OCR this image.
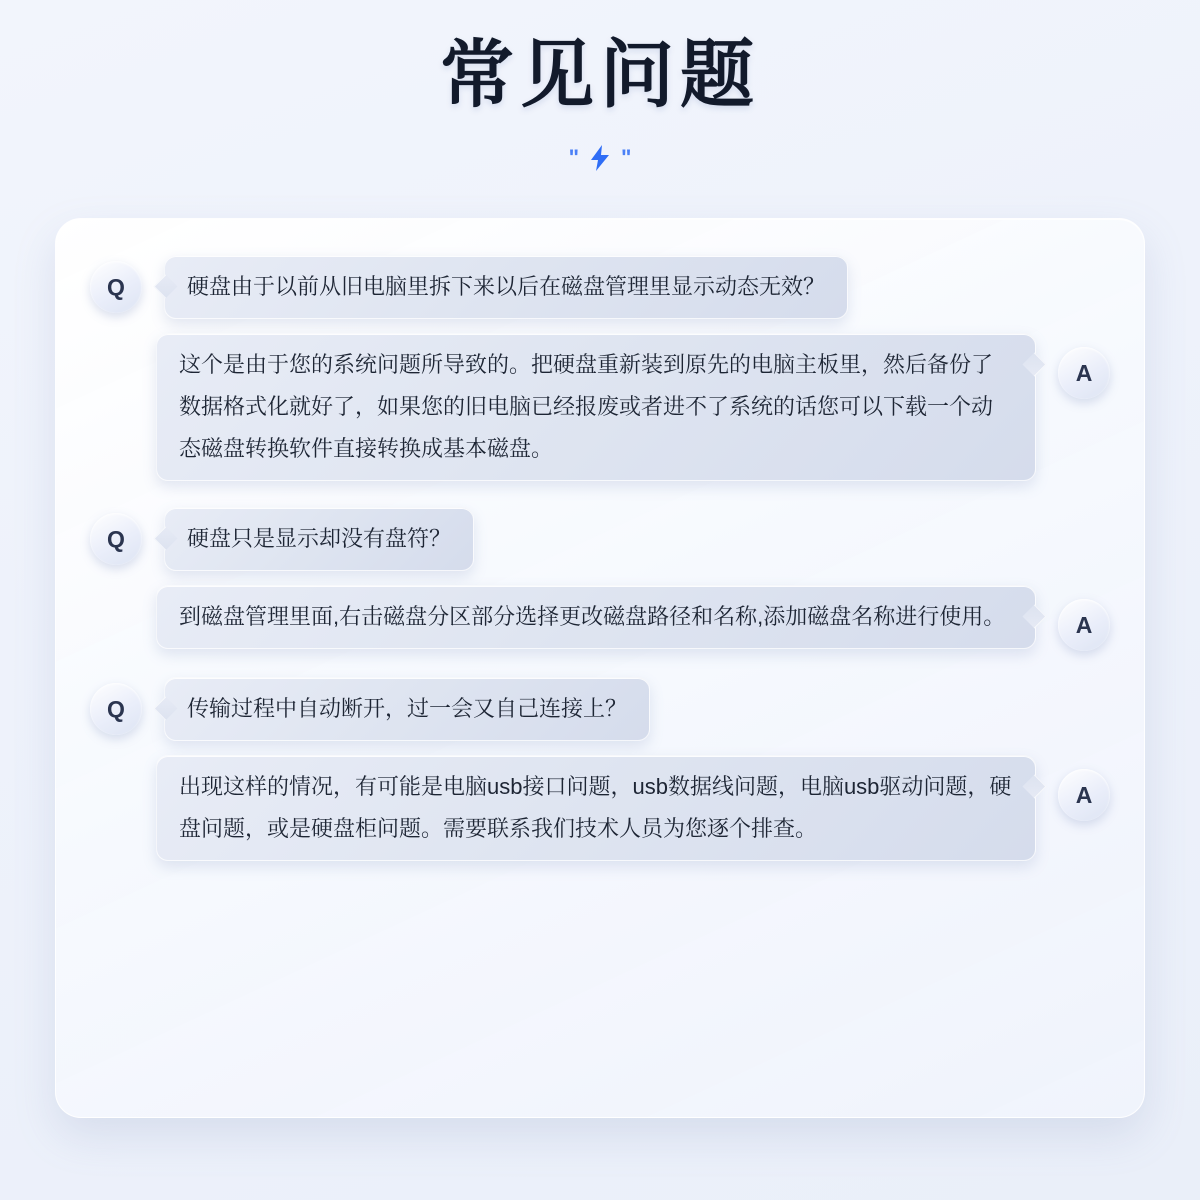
常见问题
" "
Q	硬盘由于以前从旧电脑里拆下来以后在磁盘管理里显示动态无效？
这个是由于您的系统问题所导致的。把硬盘重新装到原先的电脑主板里，然后备份了数据格式化就好了，如果您的旧电脑已经报废或者进不了系统的话您可以下载一个动态磁盘转换软件直接转换成基本磁盘。
A
Q	硬盘只是显示却没有盘符？
到磁盘管理里面,右击磁盘分区部分选择更改磁盘路径和名称,添加磁盘名称进行使用。	A
Q	传输过程中自动断开，过一会又自己连接上？
出现这样的情况，有可能是电脑usb接口问题，usb数据线问题，电脑usb驱动问题，硬盘问题，或是硬盘柜问题。需要联系我们技术人员为您逐个排查。
A
